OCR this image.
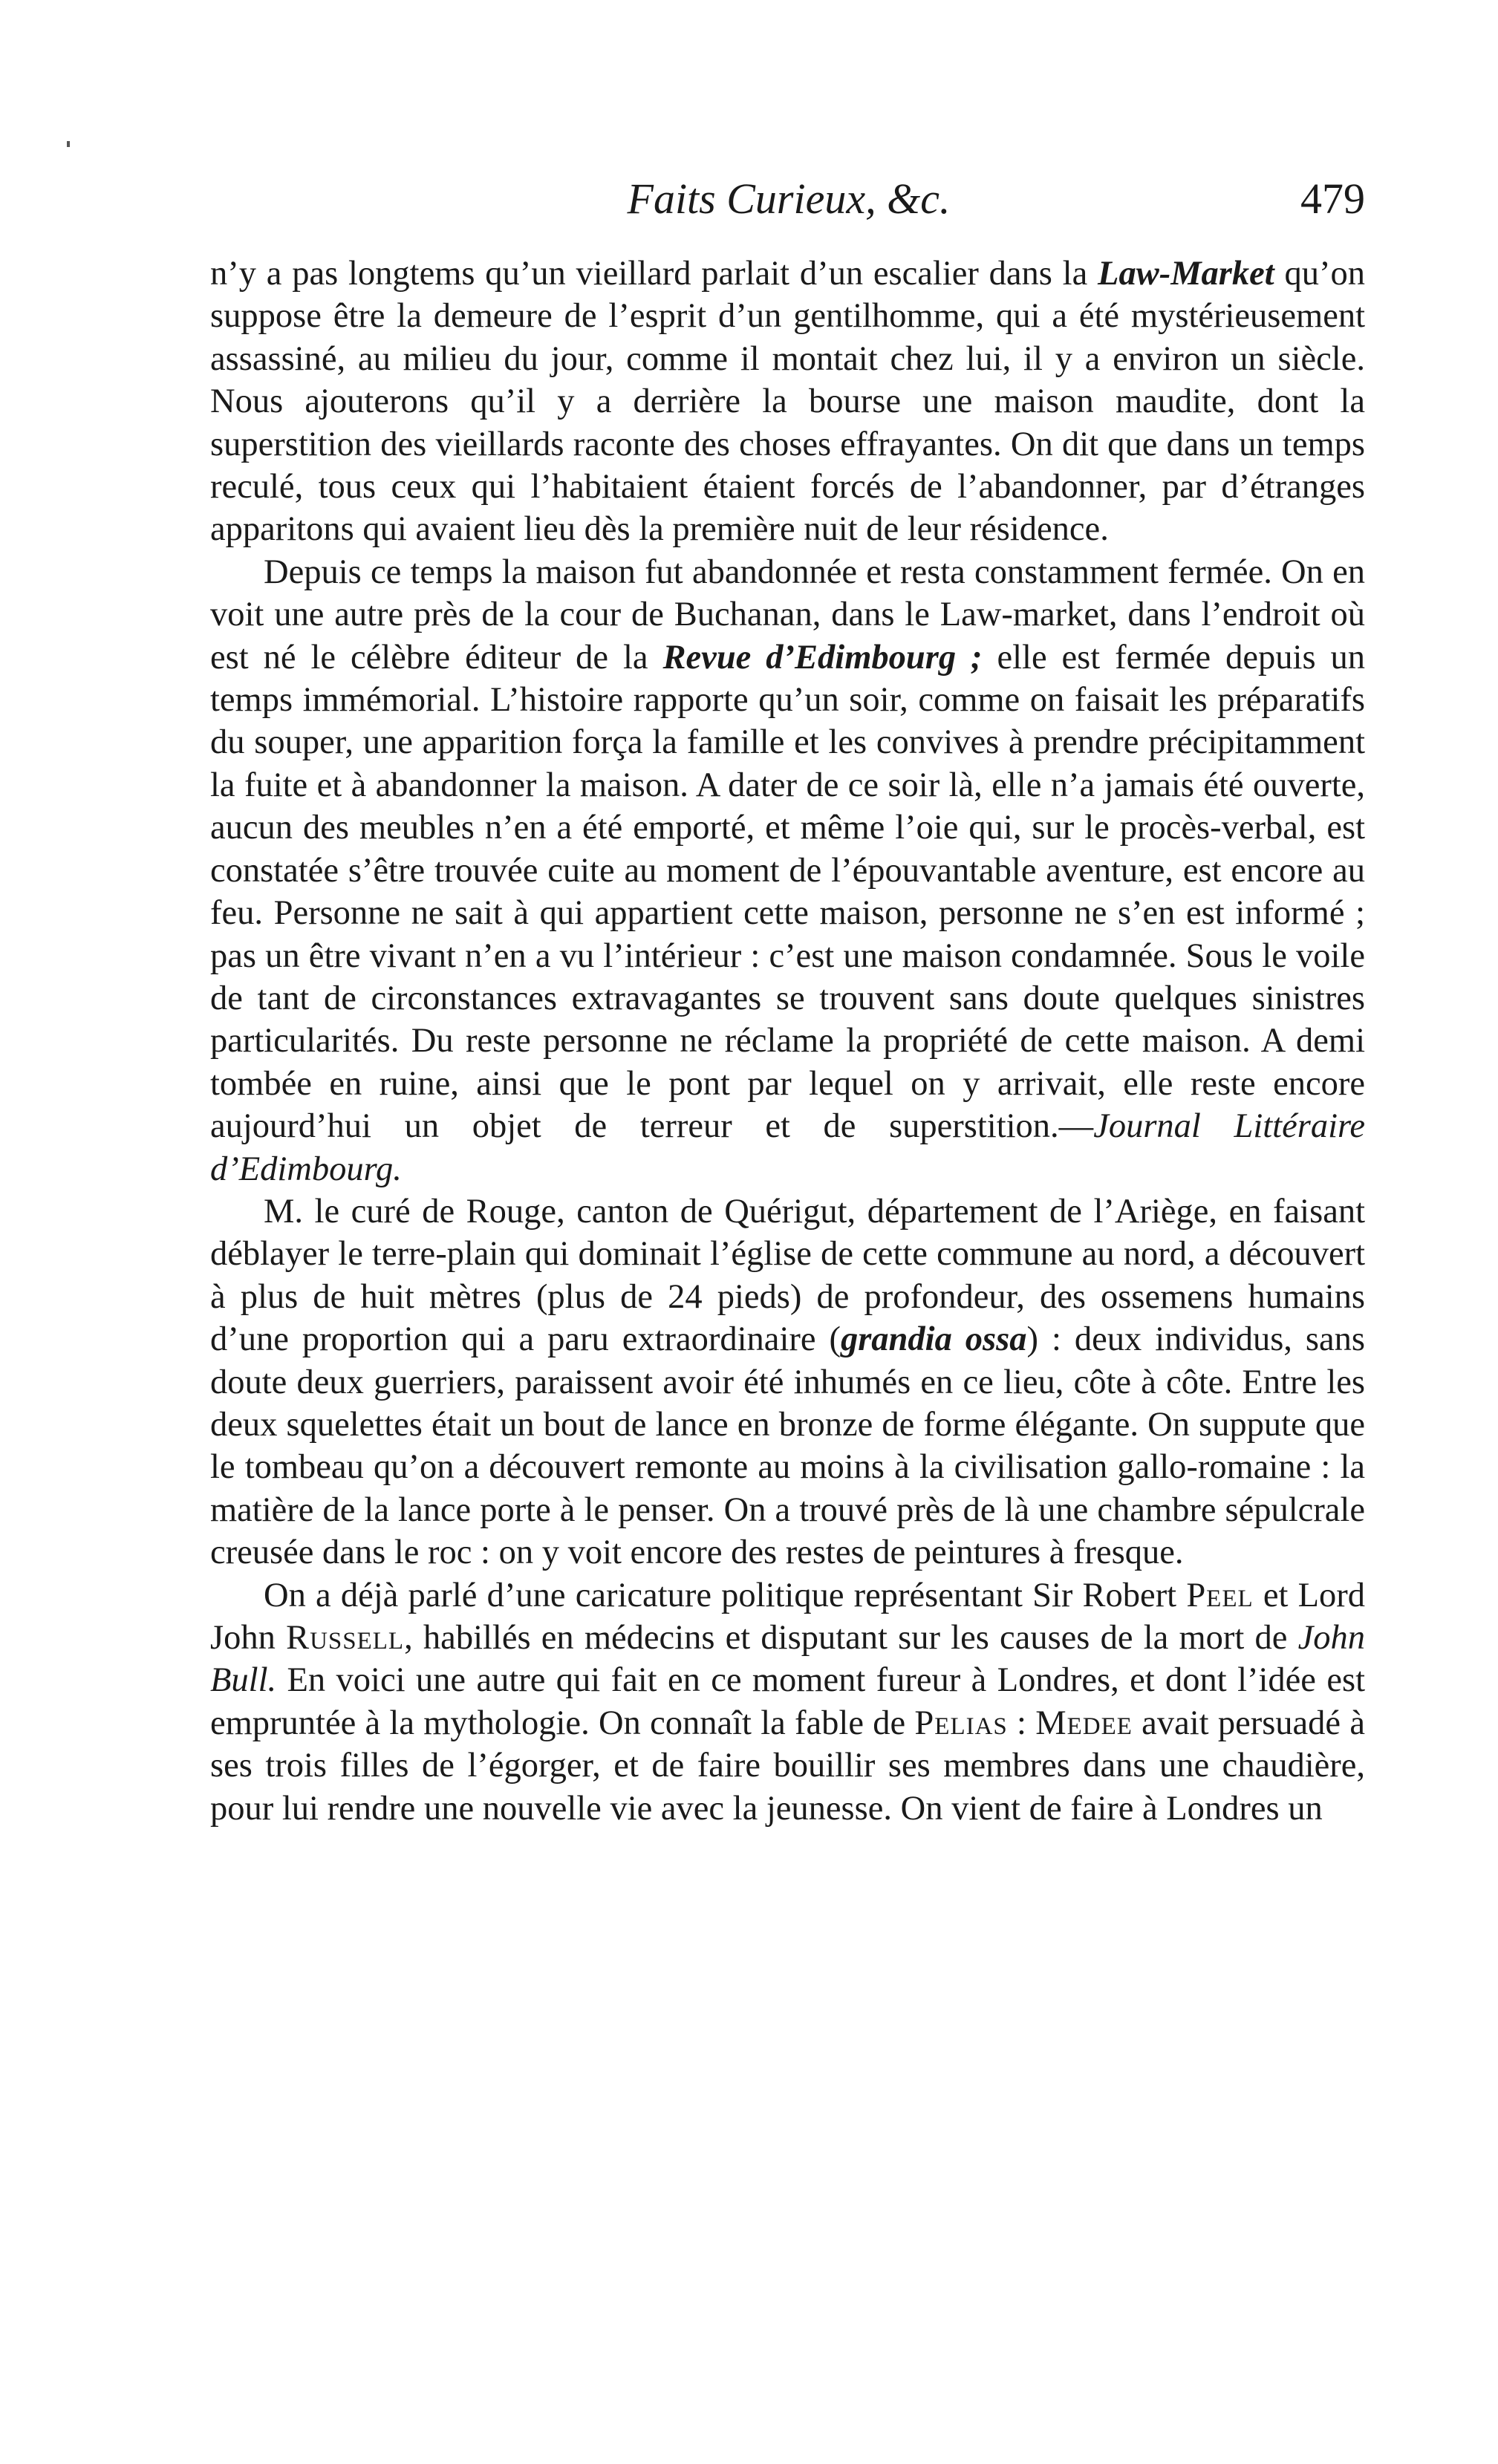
Faits Curieux, &c.	479

n’y a pas longtems qu’un vieillard parlait d’un escalier dans la Law-Market qu’on suppose être la demeure de l’esprit d’un gentilhomme, qui a été mystérieusement assassiné, au milieu du jour, comme il montait chez lui, il y a environ un siècle. Nous ajouterons qu’il y a derrière la bourse une maison maudite, dont la superstition des vieillards raconte des choses effrayantes. On dit que dans un temps reculé, tous ceux qui l’habitaient étaient forcés de l’abandonner, par d’étranges apparitons qui avaient lieu dès la première nuit de leur résidence.

Depuis ce temps la maison fut abandonnée et resta constamment fermée. On en voit une autre près de la cour de Buchanan, dans le Law-market, dans l’endroit où est né le célèbre éditeur de la Revue d’Edimbourg ; elle est fermée depuis un temps immémorial. L’histoire rapporte qu’un soir, comme on faisait les préparatifs du souper, une apparition força la famille et les convives à prendre précipitamment la fuite et à abandonner la maison. A dater de ce soir là, elle n’a jamais été ouverte, aucun des meubles n’en a été emporté, et même l’oie qui, sur le procès-verbal, est constatée s’être trouvée cuite au moment de l’épouvantable aventure, est encore au feu. Personne ne sait à qui appartient cette maison, personne ne s’en est informé ; pas un être vivant n’en a vu l’intérieur : c’est une maison condamnée. Sous le voile de tant de circonstances extravagantes se trouvent sans doute quelques sinistres particularités. Du reste personne ne réclame la propriété de cette maison. A demi tombée en ruine, ainsi que le pont par lequel on y arrivait, elle reste encore aujourd’hui un objet de terreur et de superstition.—Journal Littéraire d’Edimbourg.

M. le curé de Rouge, canton de Quérigut, département de l’Ariège, en faisant déblayer le terre-plain qui dominait l’église de cette commune au nord, a découvert à plus de huit mètres (plus de 24 pieds) de profondeur, des ossemens humains d’une proportion qui a paru extraordinaire (grandia ossa) : deux individus, sans doute deux guerriers, paraissent avoir été inhumés en ce lieu, côte à côte. Entre les deux squelettes était un bout de lance en bronze de forme élégante. On suppute que le tombeau qu’on a découvert remonte au moins à la civilisation gallo-romaine : la matière de la lance porte à le penser. On a trouvé près de là une chambre sépulcrale creusée dans le roc : on y voit encore des restes de peintures à fresque.

On a déjà parlé d’une caricature politique représentant Sir Robert Peel et Lord John Russell, habillés en médecins et disputant sur les causes de la mort de John Bull. En voici une autre qui fait en ce moment fureur à Londres, et dont l’idée est empruntée à la mythologie. On connaît la fable de Pelias : Medee avait persuadé à ses trois filles de l’égorger, et de faire bouillir ses membres dans une chaudière, pour lui rendre une nouvelle vie avec la jeunesse. On vient de faire à Londres un
